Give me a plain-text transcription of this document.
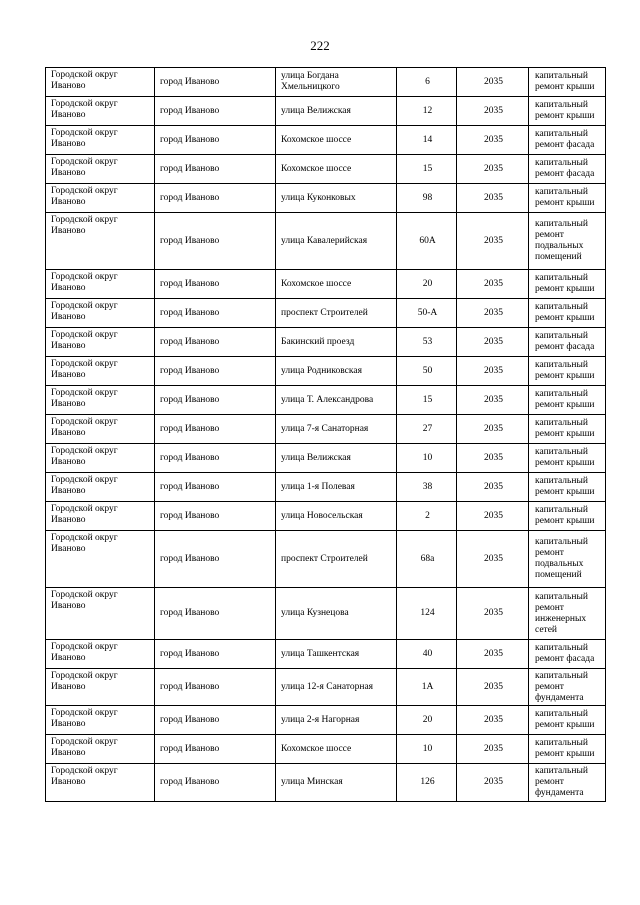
222
Городской округ Иваново	город Иваново	улица Богдана Хмельницкого	6	2035	капитальный ремонт крыши
Городской округ Иваново	город Иваново	улица Велижская	12	2035	капитальный ремонт крыши
Городской округ Иваново	город Иваново	Кохомское шоссе	14	2035	капитальный ремонт фасада
Городской округ Иваново	город Иваново	Кохомское шоссе	15	2035	капитальный ремонт фасада
Городской округ Иваново	город Иваново	улица Куконковых	98	2035	капитальный ремонт крыши
Городской округ Иваново	город Иваново	улица Кавалерийская	60А	2035	капитальный ремонт подвальных помещений
Городской округ Иваново	город Иваново	Кохомское шоссе	20	2035	капитальный ремонт крыши
Городской округ Иваново	город Иваново	проспект Строителей	50-А	2035	капитальный ремонт крыши
Городской округ Иваново	город Иваново	Бакинский проезд	53	2035	капитальный ремонт фасада
Городской округ Иваново	город Иваново	улица Родниковская	50	2035	капитальный ремонт крыши
Городской округ Иваново	город Иваново	улица Т. Александрова	15	2035	капитальный ремонт крыши
Городской округ Иваново	город Иваново	улица 7-я Санаторная	27	2035	капитальный ремонт крыши
Городской округ Иваново	город Иваново	улица Велижская	10	2035	капитальный ремонт крыши
Городской округ Иваново	город Иваново	улица 1-я Полевая	38	2035	капитальный ремонт крыши
Городской округ Иваново	город Иваново	улица Новосельская	2	2035	капитальный ремонт крыши
Городской округ Иваново	город Иваново	проспект Строителей	68а	2035	капитальный ремонт подвальных помещений
Городской округ Иваново	город Иваново	улица Кузнецова	124	2035	капитальный ремонт инженерных сетей
Городской округ Иваново	город Иваново	улица Ташкентская	40	2035	капитальный ремонт фасада
Городской округ Иваново	город Иваново	улица 12-я Санаторная	1А	2035	капитальный ремонт фундамента
Городской округ Иваново	город Иваново	улица 2-я Нагорная	20	2035	капитальный ремонт крыши
Городской округ Иваново	город Иваново	Кохомское шоссе	10	2035	капитальный ремонт крыши
Городской округ Иваново	город Иваново	улица Минская	126	2035	капитальный ремонт фундамента
